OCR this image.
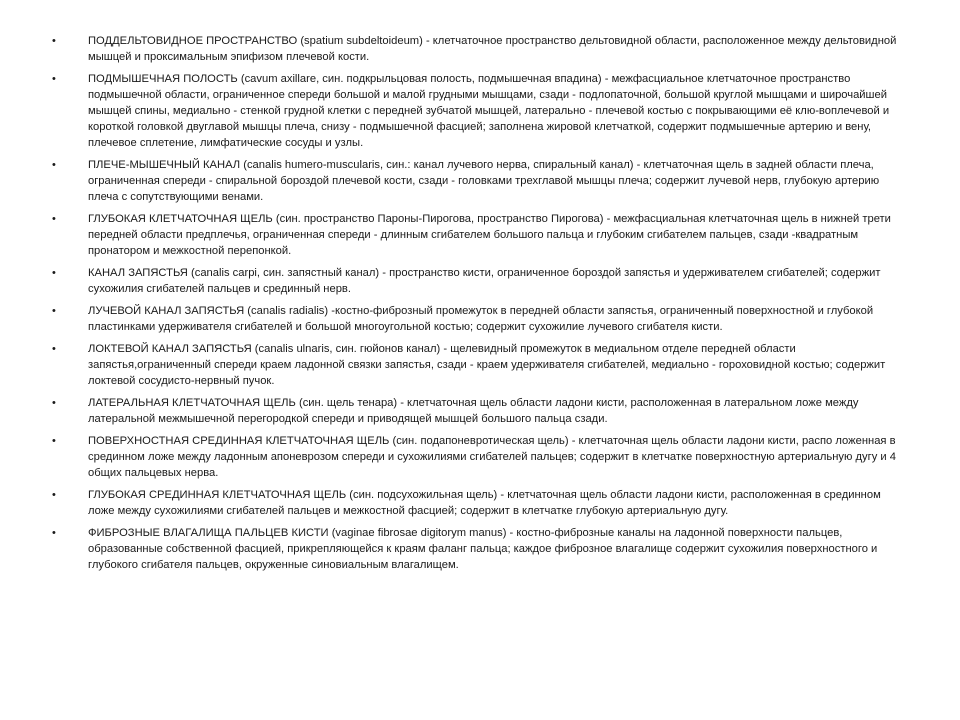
•	ПОДДЕЛЬТОВИДНОЕ ПРОСТРАНСТВО (spatium subdeltoideum) - клетчаточное пространство дельтовидной области, расположенное между дельтовидной мышцей и проксимальным эпифизом плечевой кости.
•	ПОДМЫШЕЧНАЯ ПОЛОСТЬ (cavum axillare, син. подкрыльцовая полость, подмышечная впадина) - межфасциальное клетчаточное пространство подмышечной области, ограниченное спереди большой и малой грудными мышцами, сзади - подлопаточной, большой круглой мышцами и широчайшей мышцей спины, медиально - стенкой грудной клетки с передней зубчатой мышцей, латерально - плечевой костью с покрывающими её клю-воплечевой и короткой головкой двуглавой мышцы плеча, снизу - подмышечной фасцией; заполнена жировой клетчаткой, содержит подмышечные артерию и вену, плечевое сплетение, лимфатические сосуды и узлы.
•	ПЛЕЧЕ-МЫШЕЧНЫЙ КАНАЛ (canalis humero-muscularis, син.: канал лучевого нерва, спиральный канал) - клетчаточная щель в задней области плеча, ограниченная спереди - спиральной бороздой плечевой кости, сзади - головками трехглавой мышцы плеча; содержит лучевой нерв, глубокую артерию плеча с сопутствующими венами.
•	ГЛУБОКАЯ КЛЕТЧАТОЧНАЯ ЩЕЛЬ (син. пространство Пароны-Пирогова, пространство Пирогова) - межфасциальная клетчаточная щель в нижней трети передней области предплечья, ограниченная спереди - длинным сгибателем большого пальца и глубоким сгибателем пальцев, сзади -квадратным пронатором и межкостной перепонкой.
•	КАНАЛ ЗАПЯСТЬЯ (canalis carpi, син. запястный канал) - пространство кисти, ограниченное бороздой запястья и удерживателем сгибателей; содержит сухожилия сгибателей пальцев и срединный нерв.
•	ЛУЧЕВОЙ КАНАЛ ЗАПЯСТЬЯ (canalis radialis) -костно-фиброзный промежуток в передней области запястья, ограниченный поверхностной и глубокой пластинками удерживателя сгибателей и большой многоугольной костью; содержит сухожилие лучевого сгибателя кисти.
•	ЛОКТЕВОЙ КАНАЛ ЗАПЯСТЬЯ (canalis ulnaris, син. гюйонов канал) - щелевидный промежуток в медиальном отделе передней области запястья,ограниченный спереди краем ладонной связки запястья, сзади - краем удерживателя сгибателей, медиально - гороховидной костью; содержит локтевой сосудисто-нервный пучок.
•	ЛАТЕРАЛЬНАЯ КЛЕТЧАТОЧНАЯ ЩЕЛЬ (син. щель тенара) - клетчаточная щель области ладони кисти, расположенная в латеральном ложе между латеральной межмышечной перегородкой спереди и приводящей мышцей большого пальца сзади.
•	ПОВЕРХНОСТНАЯ СРЕДИННАЯ КЛЕТЧАТОЧНАЯ ЩЕЛЬ (син. подапоневротическая щель) - клетчаточная щель области ладони кисти, распо ложенная в срединном ложе между ладонным апоневрозом спереди и сухожилиями сгибателей пальцев; содержит в клетчатке поверхностную артериальную дугу и 4 общих пальцевых нерва.
•	ГЛУБОКАЯ СРЕДИННАЯ КЛЕТЧАТОЧНАЯ ЩЕЛЬ (син. подсухожильная щель) - клетчаточная щель области ладони кисти, расположенная в срединном ложе между сухожилиями сгибателей пальцев и межкостной фасцией; содержит в клетчатке глубокую артериальную дугу.
•	ФИБРОЗНЫЕ ВЛАГАЛИЩА ПАЛЬЦЕВ КИСТИ (vaginae fibrosae digitorym manus) - костно-фиброзные каналы на ладонной поверхности пальцев, образованные собственной фасцией, прикрепляющейся к краям фаланг пальца; каждое фиброзное влагалище содержит сухожилия поверхностного и глубокого сгибателя пальцев, окруженные синовиальным влагалищем.
